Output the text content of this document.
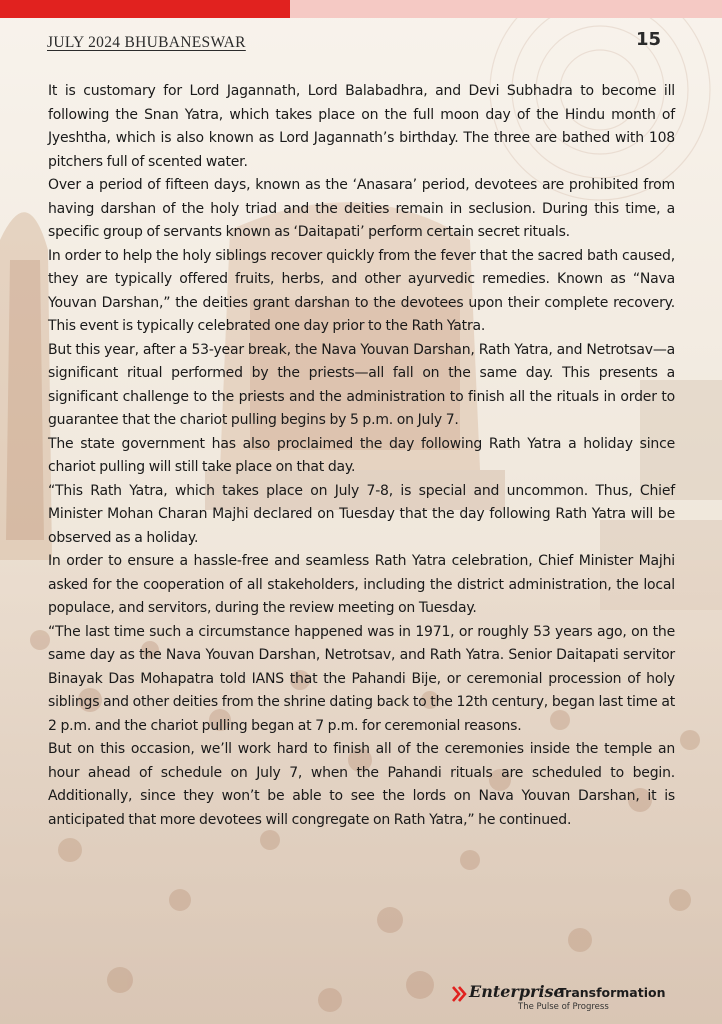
JULY 2024 BHUBANESWAR	15

It is customary for Lord Jagannath, Lord Balabadhra, and Devi Subhadra to become ill following the Snan Yatra, which takes place on the full moon day of the Hindu month of Jyeshtha, which is also known as Lord Jagannath’s birthday. The three are bathed with 108 pitchers full of scented water.

Over a period of fifteen days, known as the ‘Anasara’ period, devotees are prohibited from having darshan of the holy triad and the deities remain in seclusion. During this time, a specific group of servants known as ‘Daitapati’ perform certain secret rituals.

In order to help the holy siblings recover quickly from the fever that the sacred bath caused, they are typically offered fruits, herbs, and other ayurvedic remedies. Known as “Nava Youvan Darshan,” the deities grant darshan to the devotees upon their complete recovery. This event is typically celebrated one day prior to the Rath Yatra.

But this year, after a 53-year break, the Nava Youvan Darshan, Rath Yatra, and Netrotsav—a significant ritual performed by the priests—all fall on the same day. This presents a significant challenge to the priests and the administration to finish all the rituals in order to guarantee that the chariot pulling begins by 5 p.m. on July 7.

The state government has also proclaimed the day following Rath Yatra a holiday since chariot pulling will still take place on that day.

“This Rath Yatra, which takes place on July 7-8, is special and uncommon. Thus, Chief Minister Mohan Charan Majhi declared on Tuesday that the day following Rath Yatra will be observed as a holiday.

In order to ensure a hassle-free and seamless Rath Yatra celebration, Chief Minister Majhi asked for the cooperation of all stakeholders, including the district administration, the local populace, and servitors, during the review meeting on Tuesday.

“The last time such a circumstance happened was in 1971, or roughly 53 years ago, on the same day as the Nava Youvan Darshan, Netrotsav, and Rath Yatra. Senior Daitapati servitor Binayak Das Mohapatra told IANS that the Pahandi Bije, or ceremonial procession of holy siblings and other deities from the shrine dating back to the 12th century, began last time at 2 p.m. and the chariot pulling began at 7 p.m. for ceremonial reasons.

But on this occasion, we’ll work hard to finish all of the ceremonies inside the temple an hour ahead of schedule on July 7, when the Pahandi rituals are scheduled to begin. Additionally, since they won’t be able to see the lords on Nava Youvan Darshan, it is anticipated that more devotees will congregate on Rath Yatra,” he continued.

Enterprise
Transformation
The Pulse of Progress
